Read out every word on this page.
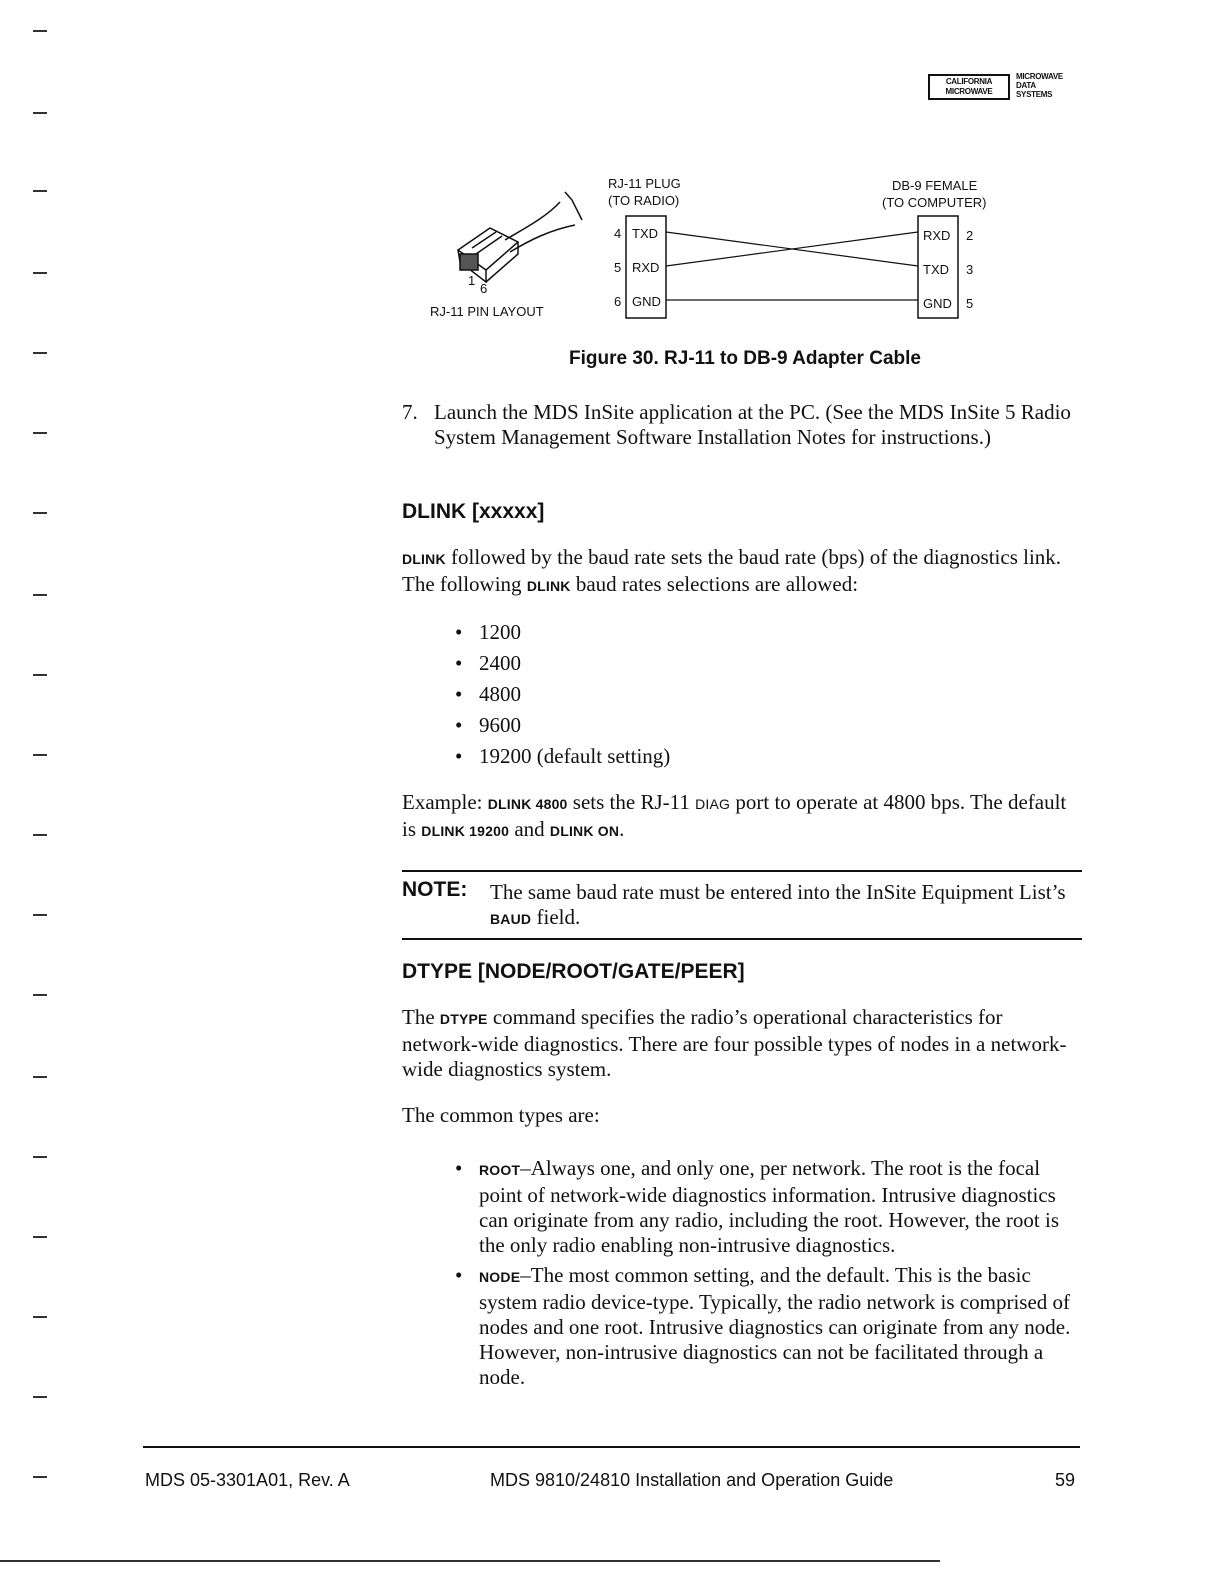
CALIFORNIA
MICROWAVE
MICROWAVE
DATA
SYSTEMS
1
6
RJ-11 PIN LAYOUT
RJ-11 PLUG
(TO RADIO)
DB-9 FEMALE
(TO COMPUTER)
4 TXD
5 RXD
6 GND
RXD 2
TXD 3
GND 5
Figure 30. RJ-11 to DB-9 Adapter Cable
7. Launch the MDS InSite application at the PC. (See the MDS InSite 5 Radio System Management Software Installation Notes for instructions.)
DLINK [xxxxx]
DLINK followed by the baud rate sets the baud rate (bps) of the diagnostics link. The following DLINK baud rates selections are allowed:
• 1200
• 2400
• 4800
• 9600
• 19200 (default setting)
Example: DLINK 4800 sets the RJ-11 DIAG port to operate at 4800 bps. The default is DLINK 19200 and DLINK ON.
NOTE: The same baud rate must be entered into the InSite Equipment List’s BAUD field.
DTYPE [NODE/ROOT/GATE/PEER]
The DTYPE command specifies the radio’s operational characteristics for network-wide diagnostics. There are four possible types of nodes in a network-wide diagnostics system.
The common types are:
• ROOT–Always one, and only one, per network. The root is the focal point of network-wide diagnostics information. Intrusive diagnostics can originate from any radio, including the root. However, the root is the only radio enabling non-intrusive diagnostics.
• NODE–The most common setting, and the default. This is the basic system radio device-type. Typically, the radio network is comprised of nodes and one root. Intrusive diagnostics can originate from any node. However, non-intrusive diagnostics can not be facilitated through a node.
MDS 05-3301A01, Rev. A	MDS 9810/24810 Installation and Operation Guide	59
